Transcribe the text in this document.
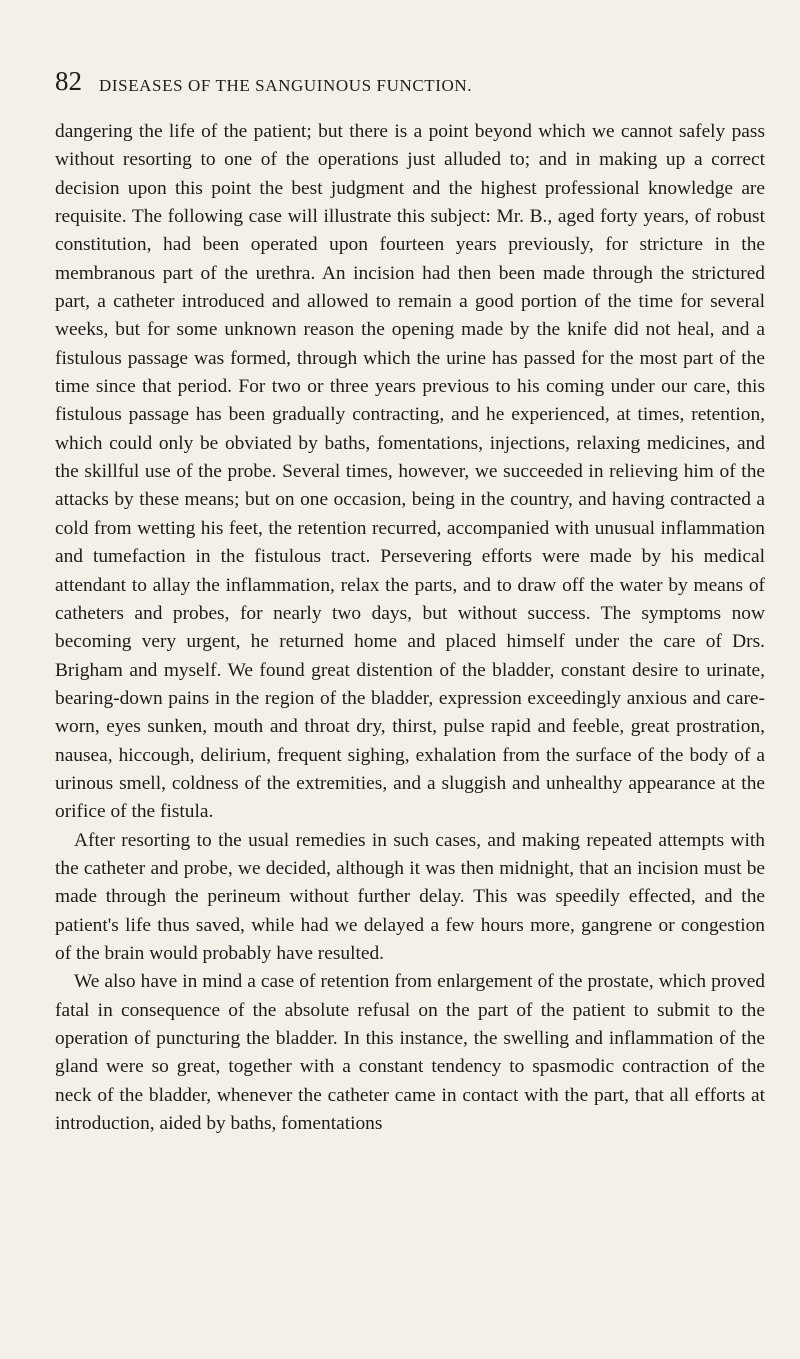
82 DISEASES OF THE SANGUINOUS FUNCTION.

dangering the life of the patient; but there is a point beyond which we cannot safely pass without resorting to one of the operations just alluded to; and in making up a correct decision upon this point the best judgment and the highest professional knowledge are requisite. The following case will illustrate this subject: Mr. B., aged forty years, of robust constitution, had been operated upon fourteen years previously, for stricture in the membranous part of the urethra. An incision had then been made through the strictured part, a catheter introduced and allowed to remain a good portion of the time for several weeks, but for some unknown reason the opening made by the knife did not heal, and a fistulous passage was formed, through which the urine has passed for the most part of the time since that period. For two or three years previous to his coming under our care, this fistulous passage has been gradually contracting, and he experienced, at times, retention, which could only be obviated by baths, fomentations, injections, relaxing medicines, and the skillful use of the probe. Several times, however, we succeeded in relieving him of the attacks by these means; but on one occasion, being in the country, and having contracted a cold from wetting his feet, the retention recurred, accompanied with unusual inflammation and tumefaction in the fistulous tract. Persevering efforts were made by his medical attendant to allay the inflammation, relax the parts, and to draw off the water by means of catheters and probes, for nearly two days, but without success. The symptoms now becoming very urgent, he returned home and placed himself under the care of Drs. Brigham and myself. We found great distention of the bladder, constant desire to urinate, bearing-down pains in the region of the bladder, expression exceedingly anxious and care-worn, eyes sunken, mouth and throat dry, thirst, pulse rapid and feeble, great prostration, nausea, hiccough, delirium, frequent sighing, exhalation from the surface of the body of a urinous smell, coldness of the extremities, and a sluggish and unhealthy appearance at the orifice of the fistula.

After resorting to the usual remedies in such cases, and making repeated attempts with the catheter and probe, we decided, although it was then midnight, that an incision must be made through the perineum without further delay. This was speedily effected, and the patient's life thus saved, while had we delayed a few hours more, gangrene or congestion of the brain would probably have resulted.

We also have in mind a case of retention from enlargement of the prostate, which proved fatal in consequence of the absolute refusal on the part of the patient to submit to the operation of puncturing the bladder. In this instance, the swelling and inflammation of the gland were so great, together with a constant tendency to spasmodic contraction of the neck of the bladder, whenever the catheter came in contact with the part, that all efforts at introduction, aided by baths, fomentations
